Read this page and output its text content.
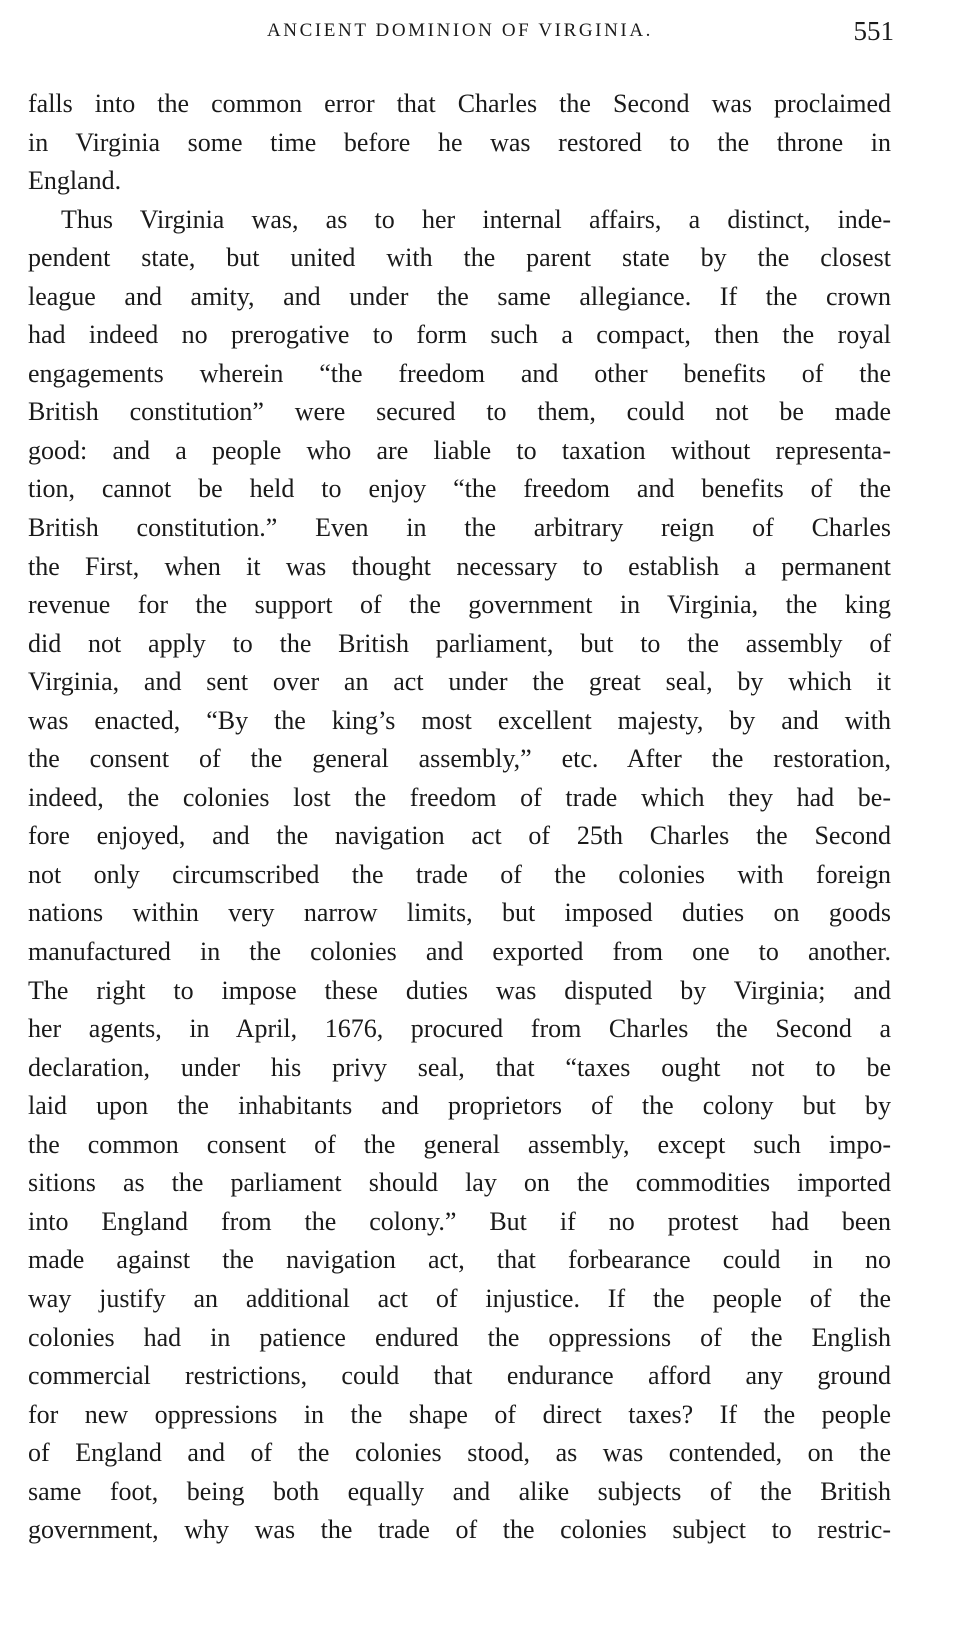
ANCIENT DOMINION OF VIRGINIA.	551
falls into the common error that Charles the Second was proclaimed
in Virginia some time before he was restored to the throne in
England.
Thus Virginia was, as to her internal affairs, a distinct, inde-
pendent state, but united with the parent state by the closest
league and amity, and under the same allegiance. If the crown
had indeed no prerogative to form such a compact, then the royal
engagements wherein “the freedom and other benefits of the
British constitution” were secured to them, could not be made
good: and a people who are liable to taxation without representa-
tion, cannot be held to enjoy “the freedom and benefits of the
British constitution.” Even in the arbitrary reign of Charles
the First, when it was thought necessary to establish a permanent
revenue for the support of the government in Virginia, the king
did not apply to the British parliament, but to the assembly of
Virginia, and sent over an act under the great seal, by which it
was enacted, “By the king’s most excellent majesty, by and with
the consent of the general assembly,” etc. After the restoration,
indeed, the colonies lost the freedom of trade which they had be-
fore enjoyed, and the navigation act of 25th Charles the Second
not only circumscribed the trade of the colonies with foreign
nations within very narrow limits, but imposed duties on goods
manufactured in the colonies and exported from one to another.
The right to impose these duties was disputed by Virginia; and
her agents, in April, 1676, procured from Charles the Second a
declaration, under his privy seal, that “taxes ought not to be
laid upon the inhabitants and proprietors of the colony but by
the common consent of the general assembly, except such impo-
sitions as the parliament should lay on the commodities imported
into England from the colony.” But if no protest had been
made against the navigation act, that forbearance could in no
way justify an additional act of injustice. If the people of the
colonies had in patience endured the oppressions of the English
commercial restrictions, could that endurance afford any ground
for new oppressions in the shape of direct taxes? If the people
of England and of the colonies stood, as was contended, on the
same foot, being both equally and alike subjects of the British
government, why was the trade of the colonies subject to restric-
